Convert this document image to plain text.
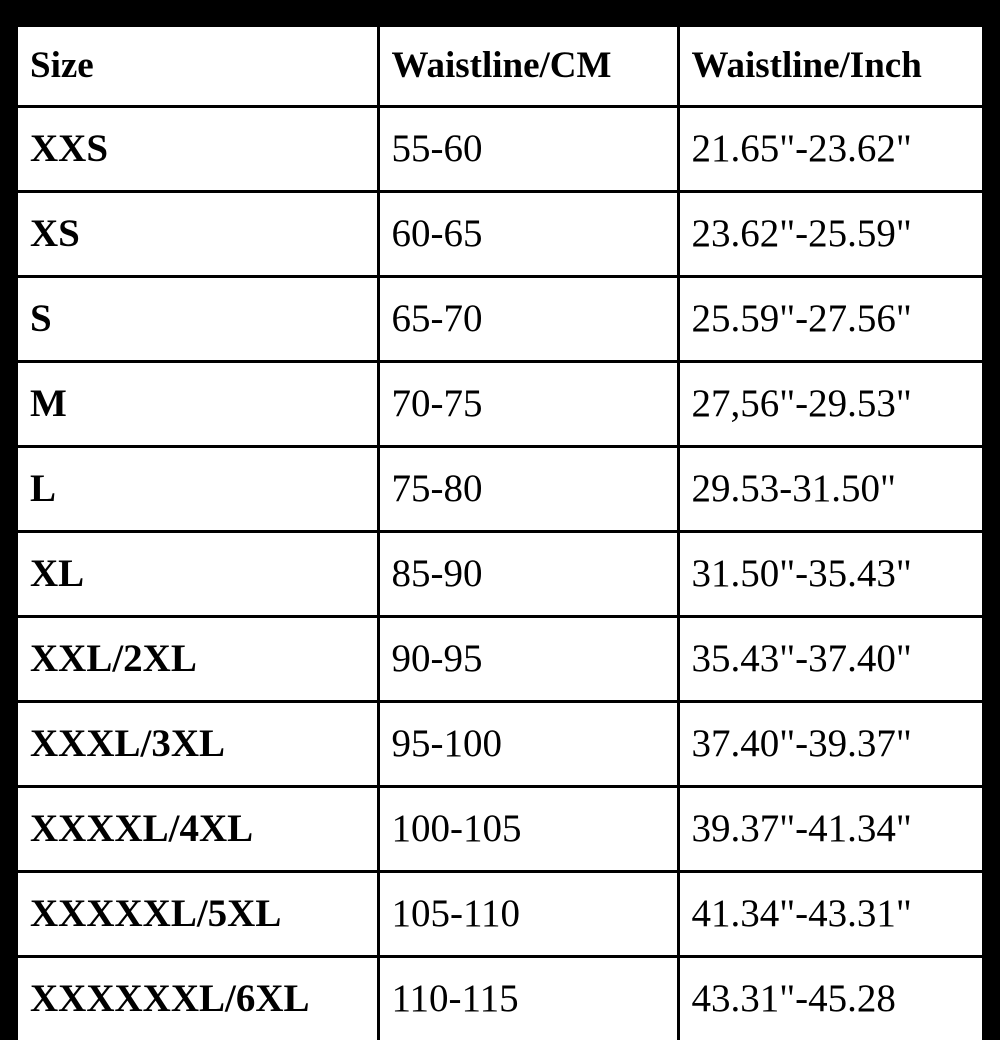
Size	Waistline/CM	Waistline/Inch
XXS	55-60	21.65"-23.62"
XS	60-65	23.62"-25.59"
S	65-70	25.59"-27.56"
M	70-75	27,56"-29.53"
L	75-80	29.53-31.50"
XL	85-90	31.50"-35.43"
XXL/2XL	90-95	35.43"-37.40"
XXXL/3XL	95-100	37.40"-39.37"
XXXXL/4XL	100-105	39.37"-41.34"
XXXXXL/5XL	105-110	41.34"-43.31"
XXXXXXL/6XL	110-115	43.31"-45.28
